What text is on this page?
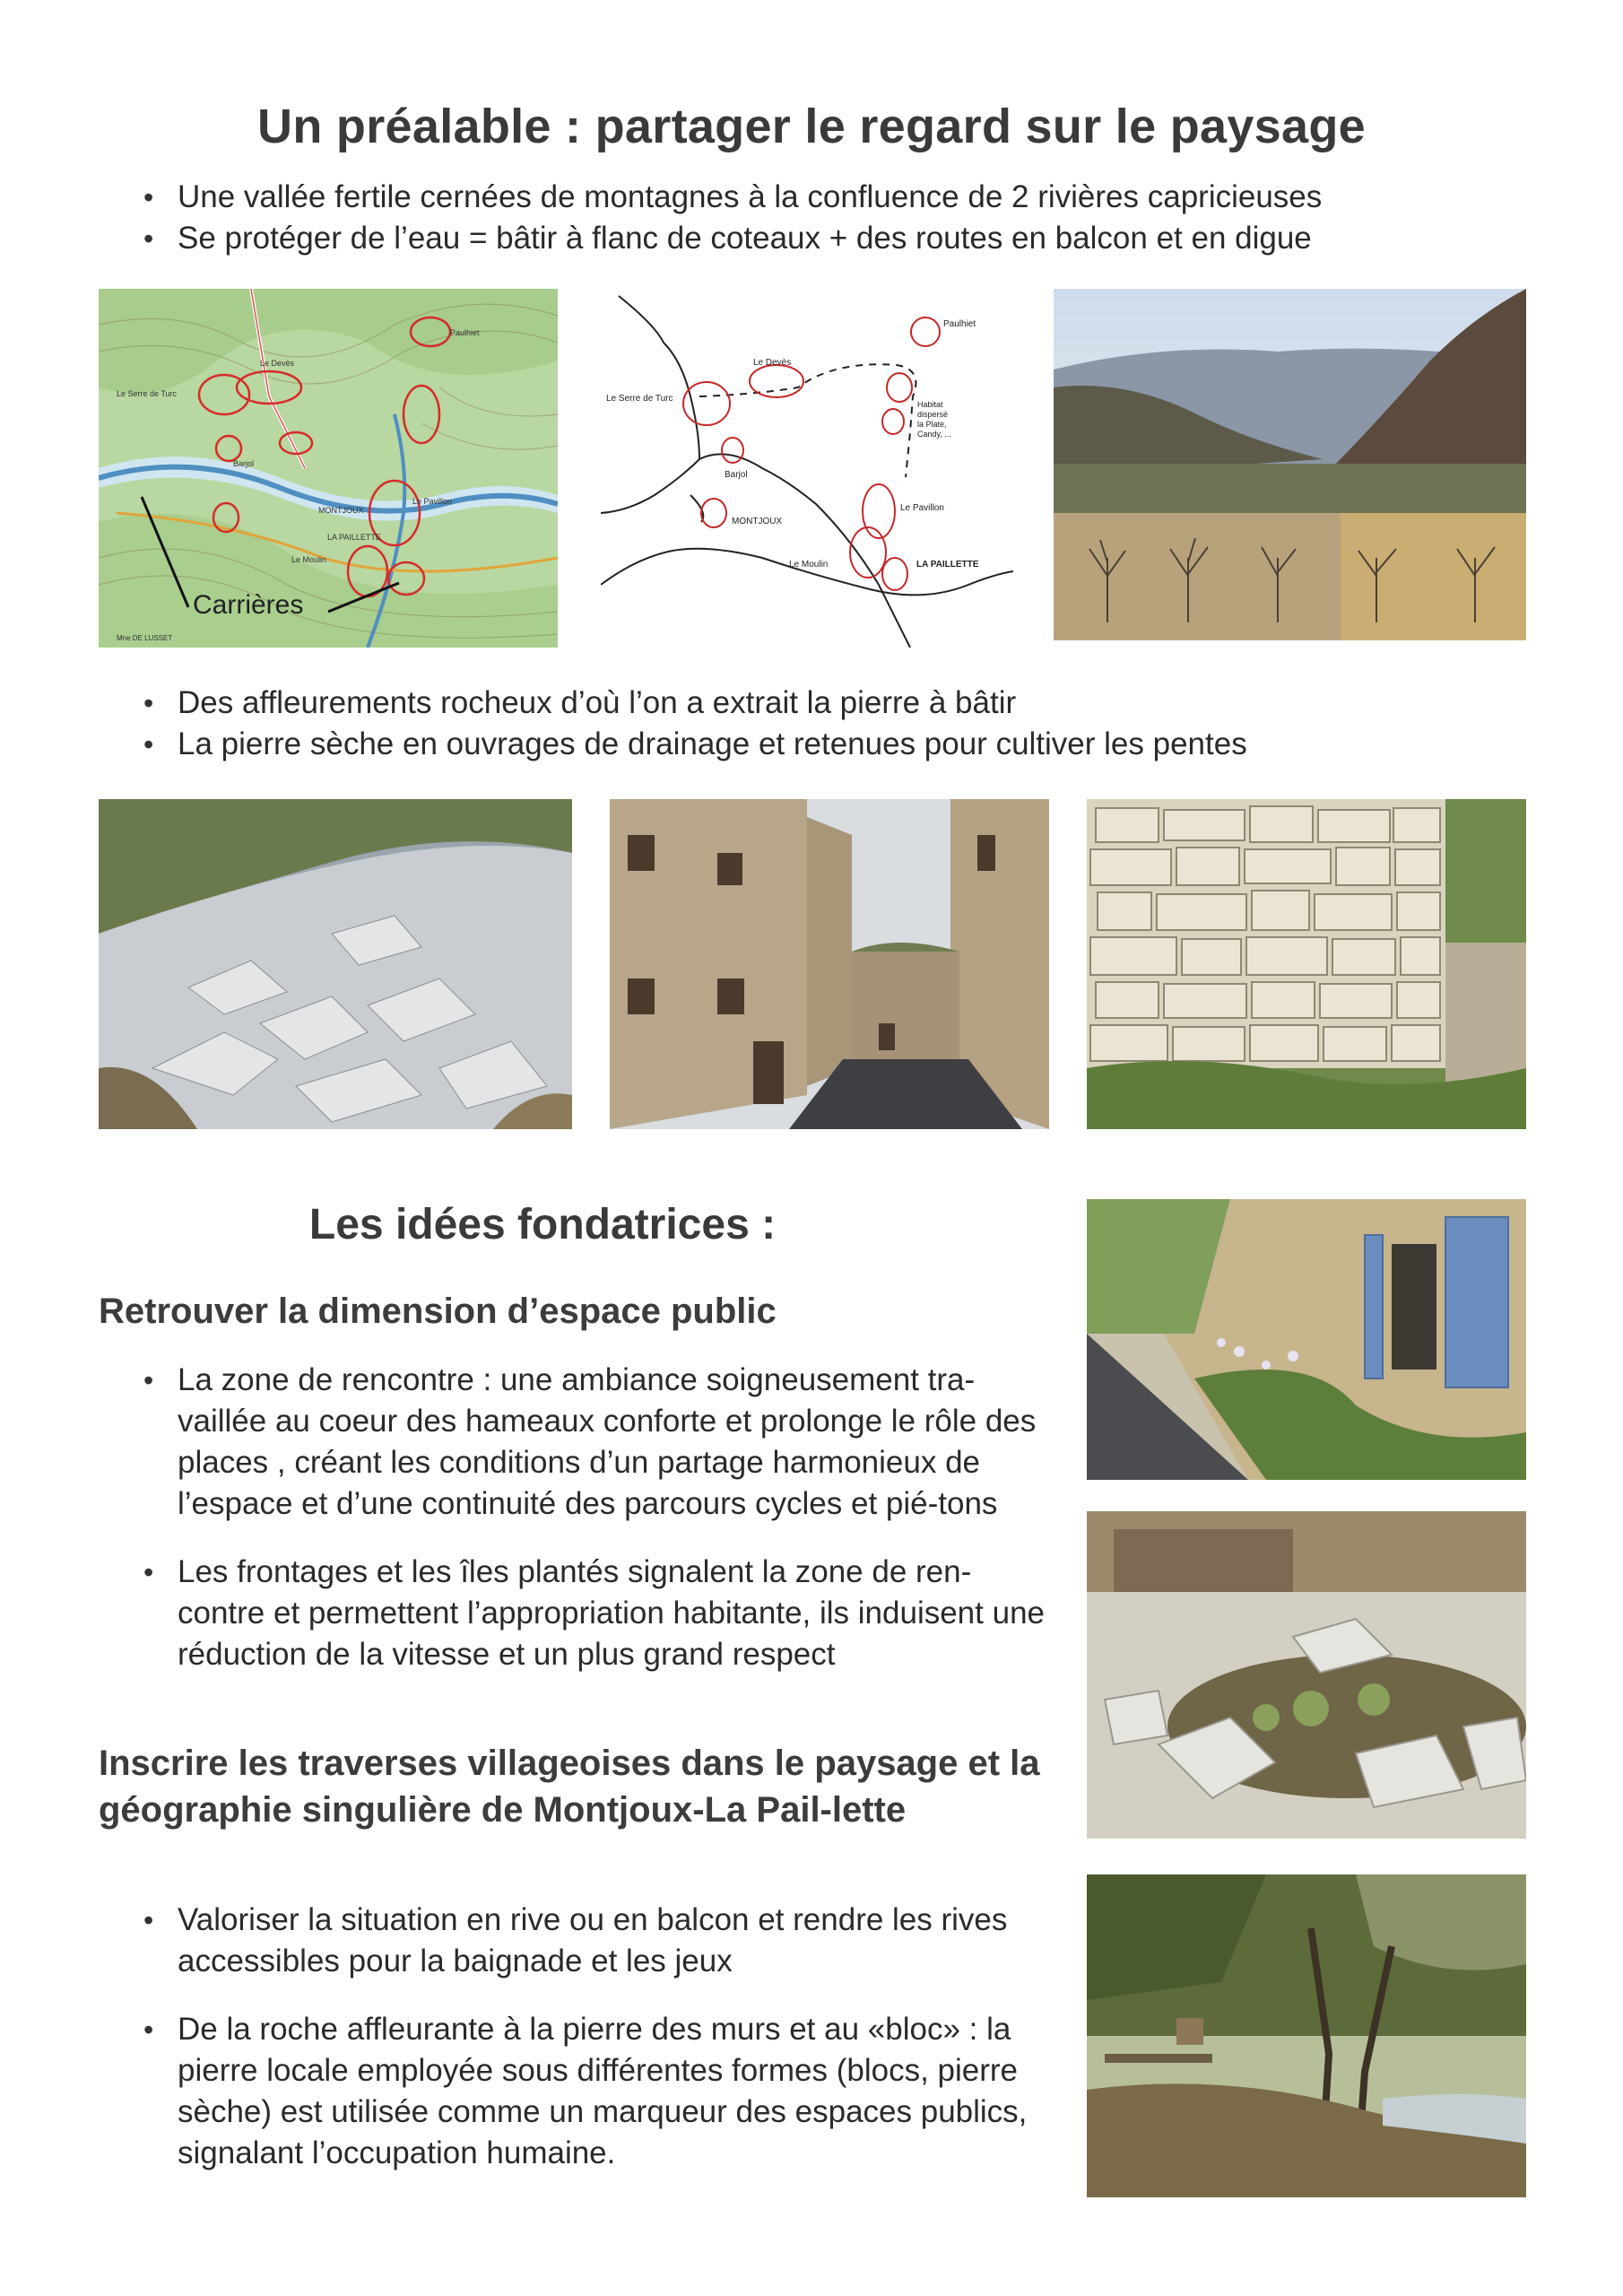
Un préalable : partager le regard sur le paysage
• Une vallée fertile cernées de montagnes à la confluence de 2 rivières capricieuses
• Se protéger de l’eau = bâtir à flanc de coteaux + des routes en balcon et en digue
Paulhiet
Le Devès
Le Serre de Turc
LA PAILLETTE
MONTJOUX
Le Moulin
Le Pavillon
Barjol
Mne DE LUSSET
Carrières
Paulhiet
Le Devès
Le Serre de Turc
Habitat
dispersé
la Plate,
Candy, ...
Barjol
Le Pavillon
MONTJOUX
Le Moulin	LA PAILLETTE
• Des affleurements rocheux d’où l’on a extrait la pierre à bâtir
• La pierre sèche en ouvrages de drainage et retenues pour cultiver les pentes
Les idées fondatrices :
Retrouver la dimension d’espace public
• La zone de rencontre : une ambiance soigneusement tra-vaillée au coeur des hameaux conforte et prolonge le rôle des places , créant les conditions d’un partage harmonieux de l’espace et d’une continuité des parcours cycles et pié-tons
• Les frontages et les îles plantés signalent la zone de ren-contre et permettent l’appropriation habitante, ils induisent une réduction de la vitesse et un plus grand respect
Inscrire les traverses villageoises dans le paysage et la géographie singulière de Montjoux-La Pail-lette
• Valoriser la situation en rive ou en balcon et rendre les rives accessibles pour la baignade et les jeux
• De la roche affleurante à la pierre des murs et au «bloc» : la pierre locale employée sous différentes formes (blocs, pierre sèche) est utilisée comme un marqueur des espaces publics, signalant l’occupation humaine.
